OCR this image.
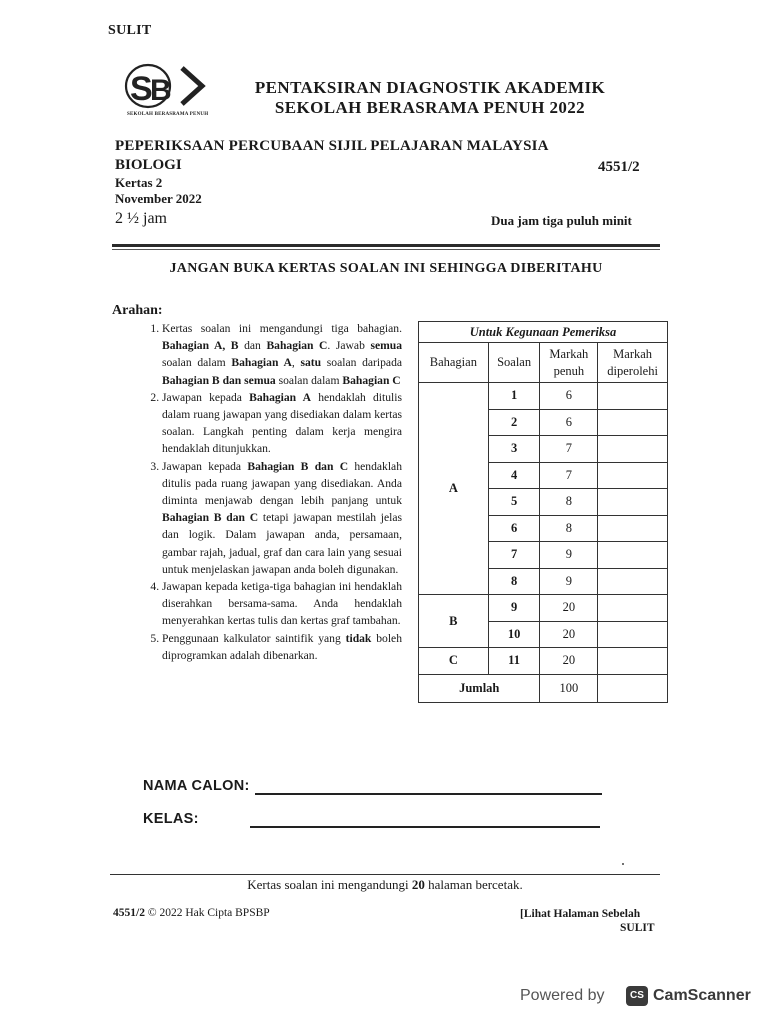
SULIT
S
B
SEKOLAH BERASRAMA PENUH
PENTAKSIRAN DIAGNOSTIK AKADEMIK
SEKOLAH BERASRAMA PENUH 2022
PEPERIKSAAN PERCUBAAN SIJIL PELAJARAN MALAYSIA
BIOLOGI	4551/2
Kertas 2
November 2022
2 ½ jam	Dua jam tiga puluh minit
JANGAN BUKA KERTAS SOALAN INI SEHINGGA DIBERITAHU
Arahan:
1. Kertas soalan ini mengandungi tiga bahagian. Bahagian A, B dan Bahagian C. Jawab semua soalan dalam Bahagian A, satu soalan daripada Bahagian B dan semua soalan dalam Bahagian C
2. Jawapan kepada Bahagian A hendaklah ditulis dalam ruang jawapan yang disediakan dalam kertas soalan. Langkah penting dalam kerja mengira hendaklah ditunjukkan.
3. Jawapan kepada Bahagian B dan C hendaklah ditulis pada ruang jawapan yang disediakan. Anda diminta menjawab dengan lebih panjang untuk Bahagian B dan C tetapi jawapan mestilah jelas dan logik. Dalam jawapan anda, persamaan, gambar rajah, jadual, graf dan cara lain yang sesuai untuk menjelaskan jawapan anda boleh digunakan.
4. Jawapan kepada ketiga-tiga bahagian ini hendaklah diserahkan bersama-sama. Anda hendaklah menyerahkan kertas tulis dan kertas graf tambahan.
5. Penggunaan kalkulator saintifik yang tidak boleh diprogramkan adalah dibenarkan.
Untuk Kegunaan Pemeriksa			
Bahagian	Soalan	Markah penuh	Markah diperolehi
A	1	6	
	2	6	
	3	7	
	4	7	
	5	8	
	6	8	
	7	9	
	8	9	
B	9	20	
	10	20	
C	11	20	
Jumlah		100	
NAMA CALON:
KELAS:
Kertas soalan ini mengandungi 20 halaman bercetak.
4551/2 © 2022 Hak Cipta BPSBP	[Lihat Halaman Sebelah
SULIT
Powered by	CS CamScanner
